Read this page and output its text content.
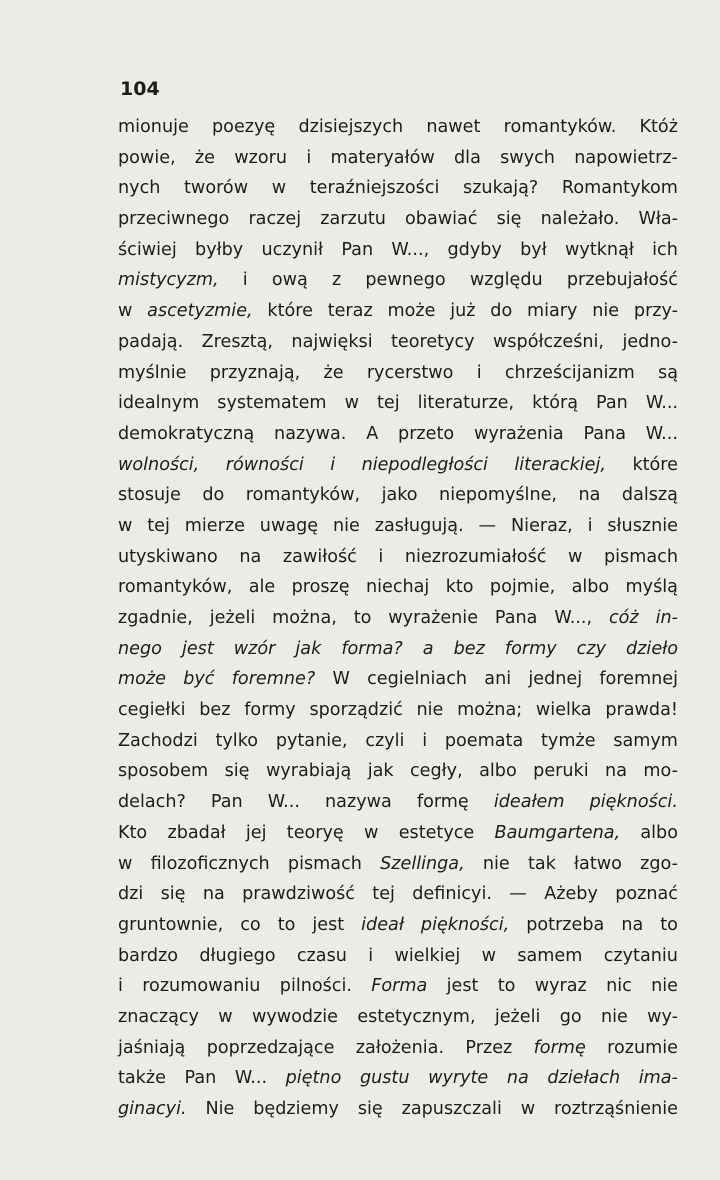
104
mionuje poezyę dzisiejszych nawet romantyków. Któż
powie, że wzoru i materyałów dla swych napowietrz-
nych tworów w teraźniejszości szukają? Romantykom
przeciwnego raczej zarzutu obawiać się należało. Wła-
ściwiej byłby uczynił Pan W..., gdyby był wytknął ich
mistycyzm, i ową z pewnego względu przebujałość
w ascetyzmie, które teraz może już do miary nie przy-
padają. Zresztą, najwięksi teoretycy współcześni, jedno-
myślnie przyznają, że rycerstwo i chrześcijanizm są
idealnym systematem w tej literaturze, którą Pan W...
demokratyczną nazywa. A przeto wyrażenia Pana W...
wolności, równości i niepodległości literackiej, które
stosuje do romantyków, jako niepomyślne, na dalszą
w tej mierze uwagę nie zasługują. — Nieraz, i słusznie
utyskiwano na zawiłość i niezrozumiałość w pismach
romantyków, ale proszę niechaj kto pojmie, albo myślą
zgadnie, jeżeli można, to wyrażenie Pana W..., cóż in-
nego jest wzór jak forma? a bez formy czy dzieło
może być foremne? W cegielniach ani jednej foremnej
cegiełki bez formy sporządzić nie można; wielka prawda!
Zachodzi tylko pytanie, czyli i poemata tymże samym
sposobem się wyrabiają jak cegły, albo peruki na mo-
delach? Pan W... nazywa formę ideałem piękności.
Kto zbadał jej teoryę w estetyce Baumgartena, albo
w filozoficznych pismach Szellinga, nie tak łatwo zgo-
dzi się na prawdziwość tej definicyi. — Ażeby poznać
gruntownie, co to jest ideał piękności, potrzeba na to
bardzo długiego czasu i wielkiej w samem czytaniu
i rozumowaniu pilności. Forma jest to wyraz nic nie
znaczący w wywodzie estetycznym, jeżeli go nie wy-
jaśniają poprzedzające założenia. Przez formę rozumie
także Pan W... piętno gustu wyryte na dziełach ima-
ginacyi. Nie będziemy się zapuszczali w roztrząśnienie
